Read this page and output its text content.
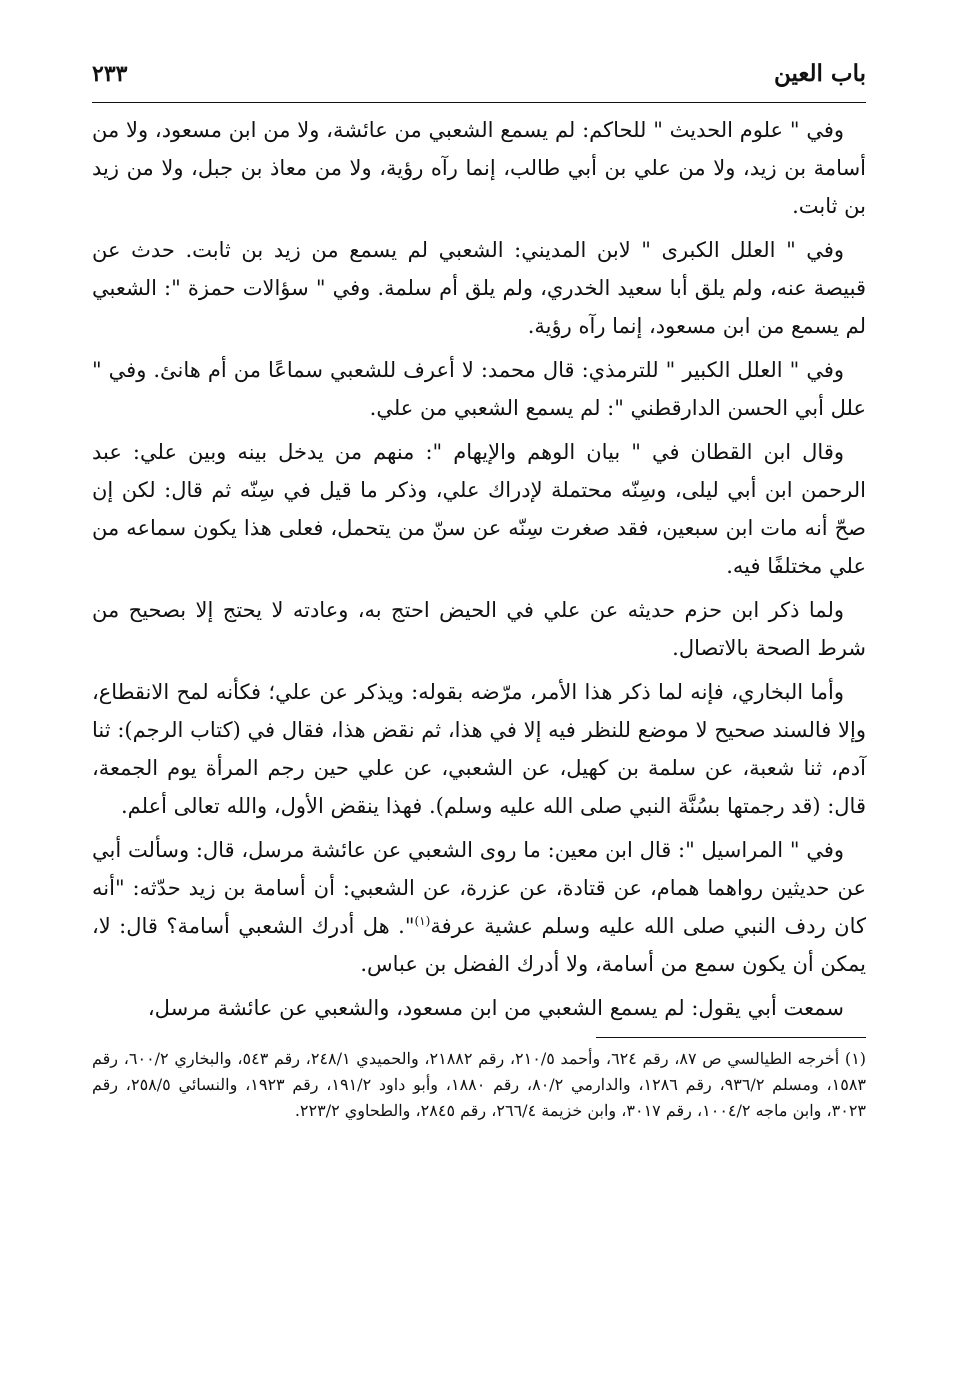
باب العين
٢٣٣

وفي " علوم الحديث " للحاكم: لم يسمع الشعبي من عائشة، ولا من ابن مسعود، ولا من أسامة بن زيد، ولا من علي بن أبي طالب، إنما رآه رؤية، ولا من معاذ بن جبل، ولا من زيد بن ثابت.

وفي " العلل الكبرى " لابن المديني: الشعبي لم يسمع من زيد بن ثابت. حدث عن قبيصة عنه، ولم يلق أبا سعيد الخدري، ولم يلق أم سلمة. وفي " سؤالات حمزة ": الشعبي لم يسمع من ابن مسعود، إنما رآه رؤية.

وفي " العلل الكبير " للترمذي: قال محمد: لا أعرف للشعبي سماعًا من أم هانئ. وفي " علل أبي الحسن الدارقطني ": لم يسمع الشعبي من علي.

وقال ابن القطان في " بيان الوهم والإيهام ": منهم من يدخل بينه وبين علي: عبد الرحمن ابن أبي ليلى، وسِنّه محتملة لإدراك علي، وذكر ما قيل في سِنّه ثم قال: لكن إن صحّ أنه مات ابن سبعين، فقد صغرت سِنّه عن سنّ من يتحمل، فعلى هذا يكون سماعه من علي مختلفًا فيه.

ولما ذكر ابن حزم حديثه عن علي في الحيض احتج به، وعادته لا يحتج إلا بصحيح من شرط الصحة بالاتصال.

وأما البخاري، فإنه لما ذكر هذا الأمر، مرّضه بقوله: ويذكر عن علي؛ فكأنه لمح الانقطاع، وإلا فالسند صحيح لا موضع للنظر فيه إلا في هذا، ثم نقض هذا، فقال في (كتاب الرجم): ثنا آدم، ثنا شعبة، عن سلمة بن كهيل، عن الشعبي، عن علي حين رجم المرأة يوم الجمعة، قال: (قد رجمتها بسُنَّة النبي صلى الله عليه وسلم). فهذا ينقض الأول، والله تعالى أعلم.

وفي " المراسيل ": قال ابن معين: ما روى الشعبي عن عائشة مرسل، قال: وسألت أبي عن حديثين رواهما همام، عن قتادة، عن عزرة، عن الشعبي: أن أسامة بن زيد حدّثه: "أنه كان ردف النبي صلى الله عليه وسلم عشية عرفة$^{(١)}$". هل أدرك الشعبي أسامة؟ قال: لا، يمكن أن يكون سمع من أسامة، ولا أدرك الفضل بن عباس.

سمعت أبي يقول: لم يسمع الشعبي من ابن مسعود، والشعبي عن عائشة مرسل،

(١) أخرجه الطيالسي ص ٨٧، رقم ٦٢٤، وأحمد ٢١٠/٥، رقم ٢١٨٨٢، والحميدي ٢٤٨/١، رقم ٥٤٣، والبخاري ٦٠٠/٢، رقم ١٥٨٣، ومسلم ٩٣٦/٢، رقم ١٢٨٦، والدارمي ٨٠/٢، رقم ١٨٨٠، وأبو داود ١٩١/٢، رقم ١٩٢٣، والنسائي ٢٥٨/٥، رقم ٣٠٢٣، وابن ماجه ١٠٠٤/٢، رقم ٣٠١٧، وابن خزيمة ٢٦٦/٤، رقم ٢٨٤٥، والطحاوي ٢٢٣/٢.
